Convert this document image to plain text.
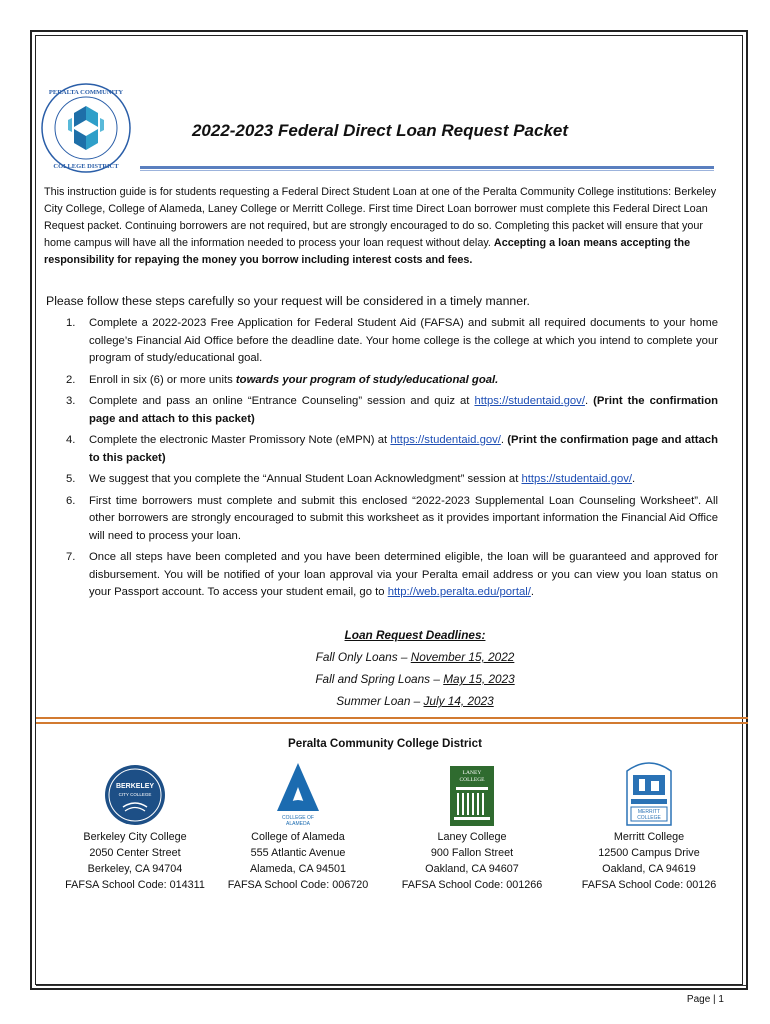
PERALTA COMMUNITY
COLLEGE DISTRICT
2022-2023 Federal Direct Loan Request Packet
This instruction guide is for students requesting a Federal Direct Student Loan at one of the Peralta Community College institutions: Berkeley City College, College of Alameda, Laney College or Merritt College. First time Direct Loan borrower must complete this Federal Direct Loan Request packet. Continuing borrowers are not required, but are strongly encouraged to do so. Completing this packet will ensure that your home campus will have all the information needed to process your loan request without delay. Accepting a loan means accepting the responsibility for repaying the money you borrow including interest costs and fees.
Please follow these steps carefully so your request will be considered in a timely manner.
1. Complete a 2022-2023 Free Application for Federal Student Aid (FAFSA) and submit all required documents to your home college’s Financial Aid Office before the deadline date. Your home college is the college at which you intend to complete your program of study/educational goal.
2. Enroll in six (6) or more units towards your program of study/educational goal.
3. Complete and pass an online “Entrance Counseling” session and quiz at https://studentaid.gov/. (Print the confirmation page and attach to this packet)
4. Complete the electronic Master Promissory Note (eMPN) at https://studentaid.gov/. (Print the confirmation page and attach to this packet)
5. We suggest that you complete the “Annual Student Loan Acknowledgment” session at https://studentaid.gov/.
6. First time borrowers must complete and submit this enclosed “2022-2023 Supplemental Loan Counseling Worksheet”. All other borrowers are strongly encouraged to submit this worksheet as it provides important information the Financial Aid Office will need to process your loan.
7. Once all steps have been completed and you have been determined eligible, the loan will be guaranteed and approved for disbursement. You will be notified of your loan approval via your Peralta email address or you can view you loan status on your Passport account. To access your student email, go to http://web.peralta.edu/portal/.
Loan Request Deadlines:
Fall Only Loans – November 15, 2022
Fall and Spring Loans – May 15, 2023
Summer Loan – July 14, 2023
Peralta Community College District
BERKELEY
CITY COLLEGE
Berkeley City College
2050 Center Street
Berkeley, CA 94704
FAFSA School Code: 014311
COLLEGE OF
ALAMEDA
College of Alameda
555 Atlantic Avenue
Alameda, CA 94501
FAFSA School Code: 006720
LANEY
COLLEGE
Laney College
900 Fallon Street
Oakland, CA 94607
FAFSA School Code: 001266
MERRITT
COLLEGE
Merritt College
12500 Campus Drive
Oakland, CA 94619
FAFSA School Code: 00126
Page | 1
